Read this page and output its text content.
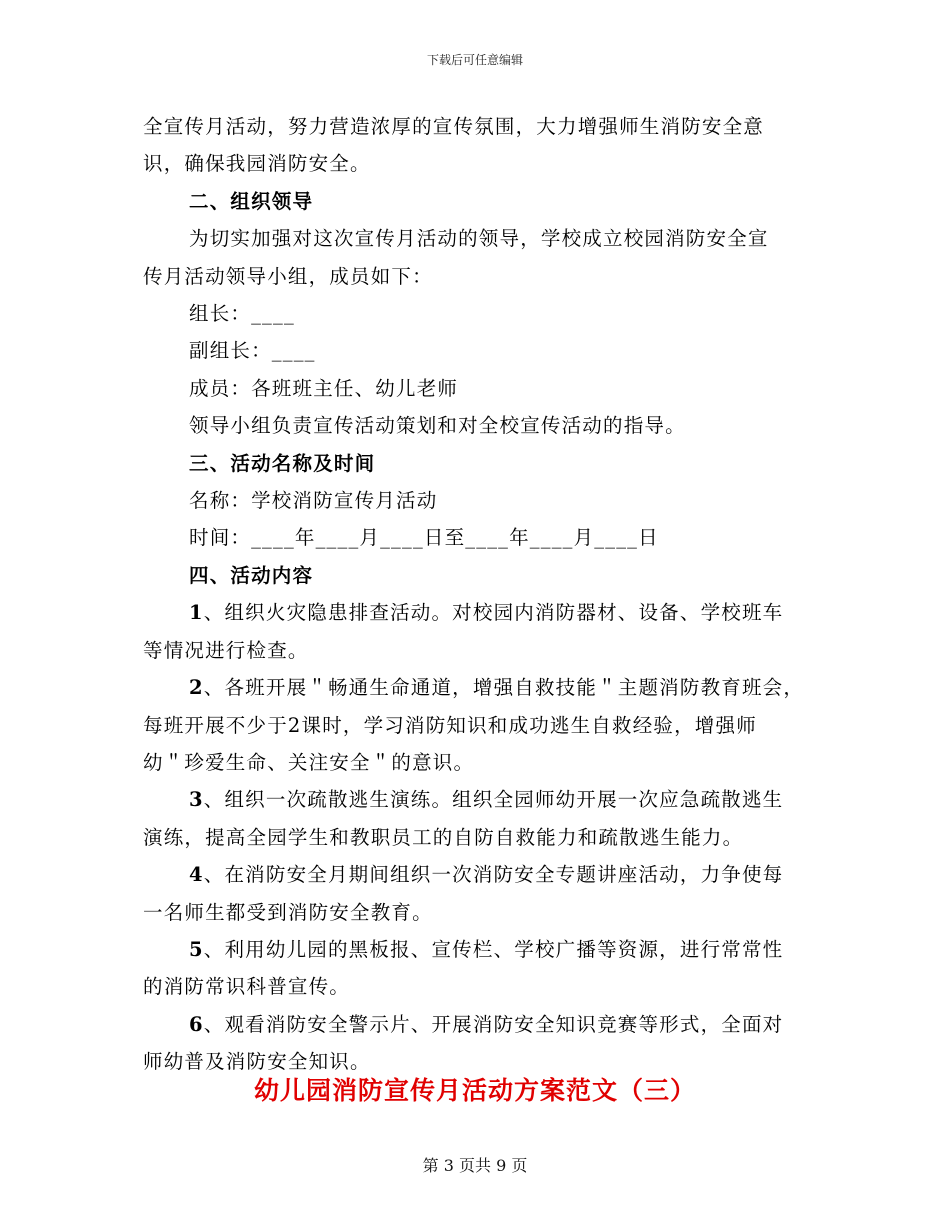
下载后可任意编辑

全宣传月活动，努力营造浓厚的宣传氛围，大力增强师生消防安全意

识，确保我园消防安全。

二、组织领导

为切实加强对这次宣传月活动的领导，学校成立校园消防安全宣

传月活动领导小组，成员如下：

组长：____

副组长：____

成员：各班班主任、幼儿老师

领导小组负责宣传活动策划和对全校宣传活动的指导。

三、活动名称及时间

名称：学校消防宣传月活动

时间：____年____月____日至____年____月____日

四、活动内容

1、组织火灾隐患排查活动。对校园内消防器材、设备、学校班车

等情况进行检查。

2、各班开展＂畅通生命通道，增强自救技能＂主题消防教育班会，

每班开展不少于2课时，学习消防知识和成功逃生自救经验，增强师

幼＂珍爱生命、关注安全＂的意识。

3、组织一次疏散逃生演练。组织全园师幼开展一次应急疏散逃生

演练，提高全园学生和教职员工的自防自救能力和疏散逃生能力。

4、在消防安全月期间组织一次消防安全专题讲座活动，力争使每

一名师生都受到消防安全教育。

5、利用幼儿园的黑板报、宣传栏、学校广播等资源，进行常常性

的消防常识科普宣传。

6、观看消防安全警示片、开展消防安全知识竞赛等形式，全面对

师幼普及消防安全知识。

幼儿园消防宣传月活动方案范文（三）
第 3 页共 9 页
